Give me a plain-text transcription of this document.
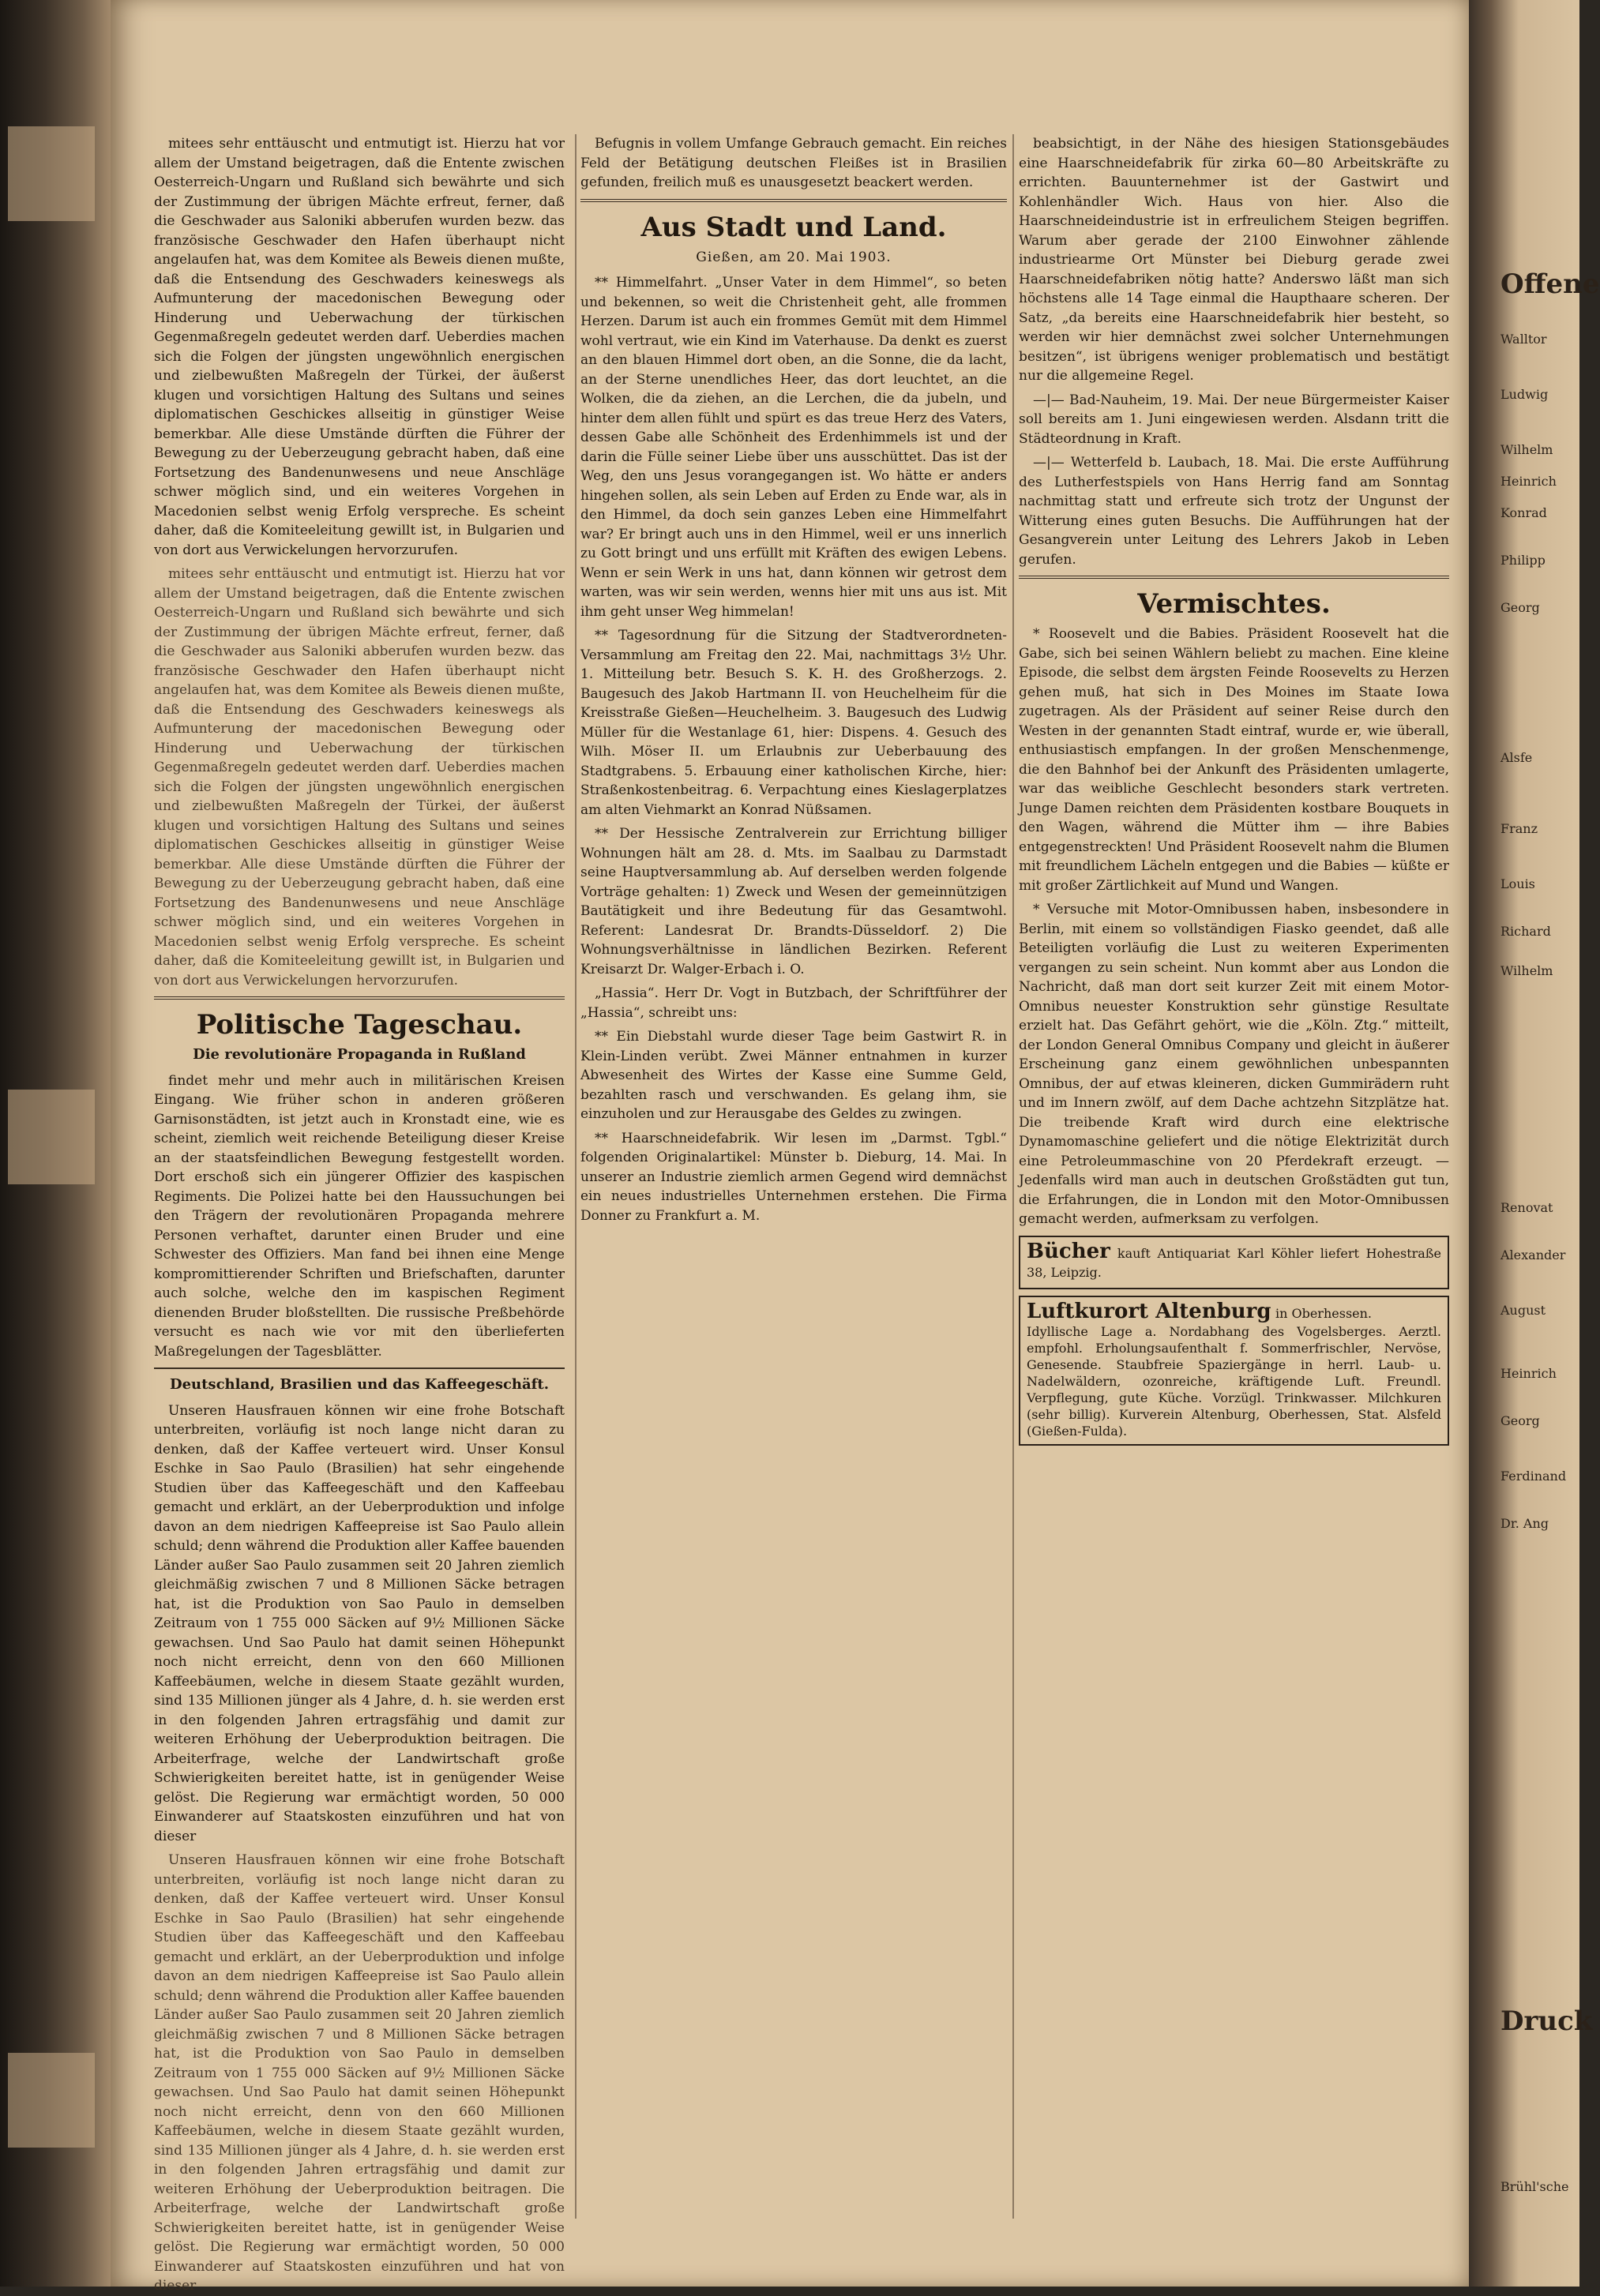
mitees sehr enttäuscht und entmutigt ist. Hierzu hat vor allem der Umstand beigetragen, daß die Entente zwischen Oesterreich-Ungarn und Rußland sich bewährte und sich der Zustimmung der übrigen Mächte erfreut, ferner, daß die Geschwader aus Saloniki abberufen wurden bezw. das französische Geschwader den Hafen überhaupt nicht angelaufen hat, was dem Komitee als Beweis dienen mußte, daß die Entsendung des Geschwaders keineswegs als Aufmunterung der macedonischen Bewegung oder Hinderung und Ueberwachung der türkischen Gegenmaßregeln gedeutet werden darf. Ueberdies machen sich die Folgen der jüngsten ungewöhnlich energischen und zielbewußten Maßregeln der Türkei, der äußerst klugen und vorsichtigen Haltung des Sultans und seines diplomatischen Geschickes allseitig in günstiger Weise bemerkbar. Alle diese Umstände dürften die Führer der Bewegung zu der Ueberzeugung gebracht haben, daß eine Fortsetzung des Bandenunwesens und neue Anschläge schwer möglich sind, und ein weiteres Vorgehen in Macedonien selbst wenig Erfolg verspreche. Es scheint daher, daß die Komiteeleitung gewillt ist, in Bulgarien und von dort aus Verwickelungen hervorzurufen.

mitees sehr enttäuscht und entmutigt ist. Hierzu hat vor allem der Umstand beigetragen, daß die Entente zwischen Oesterreich-Ungarn und Rußland sich bewährte und sich der Zustimmung der übrigen Mächte erfreut, ferner, daß die Geschwader aus Saloniki abberufen wurden bezw. das französische Geschwader den Hafen überhaupt nicht angelaufen hat, was dem Komitee als Beweis dienen mußte, daß die Entsendung des Geschwaders keineswegs als Aufmunterung der macedonischen Bewegung oder Hinderung und Ueberwachung der türkischen Gegenmaßregeln gedeutet werden darf. Ueberdies machen sich die Folgen der jüngsten ungewöhnlich energischen und zielbewußten Maßregeln der Türkei, der äußerst klugen und vorsichtigen Haltung des Sultans und seines diplomatischen Geschickes allseitig in günstiger Weise bemerkbar. Alle diese Umstände dürften die Führer der Bewegung zu der Ueberzeugung gebracht haben, daß eine Fortsetzung des Bandenunwesens und neue Anschläge schwer möglich sind, und ein weiteres Vorgehen in Macedonien selbst wenig Erfolg verspreche. Es scheint daher, daß die Komiteeleitung gewillt ist, in Bulgarien und von dort aus Verwickelungen hervorzurufen.

Politische Tageschau.
Die revolutionäre Propaganda in Rußland

findet mehr und mehr auch in militärischen Kreisen Eingang. Wie früher schon in anderen größeren Garnisonstädten, ist jetzt auch in Kronstadt eine, wie es scheint, ziemlich weit reichende Beteiligung dieser Kreise an der staatsfeindlichen Bewegung festgestellt worden. Dort erschoß sich ein jüngerer Offizier des kaspischen Regiments. Die Polizei hatte bei den Haussuchungen bei den Trägern der revolutionären Propaganda mehrere Personen verhaftet, darunter einen Bruder und eine Schwester des Offiziers. Man fand bei ihnen eine Menge kompromittierender Schriften und Briefschaften, darunter auch solche, welche den im kaspischen Regiment dienenden Bruder bloßstellten. Die russische Preßbehörde versucht es nach wie vor mit den überlieferten Maßregelungen der Tagesblätter.

Deutschland, Brasilien und das Kaffeegeschäft.

Unseren Hausfrauen können wir eine frohe Botschaft unterbreiten, vorläufig ist noch lange nicht daran zu denken, daß der Kaffee verteuert wird. Unser Konsul Eschke in Sao Paulo (Brasilien) hat sehr eingehende Studien über das Kaffeegeschäft und den Kaffeebau gemacht und erklärt, an der Ueberproduktion und infolge davon an dem niedrigen Kaffeepreise ist Sao Paulo allein schuld; denn während die Produktion aller Kaffee bauenden Länder außer Sao Paulo zusammen seit 20 Jahren ziemlich gleichmäßig zwischen 7 und 8 Millionen Säcke betragen hat, ist die Produktion von Sao Paulo in demselben Zeitraum von 1 755 000 Säcken auf 9½ Millionen Säcke gewachsen. Und Sao Paulo hat damit seinen Höhepunkt noch nicht erreicht, denn von den 660 Millionen Kaffeebäumen, welche in diesem Staate gezählt wurden, sind 135 Millionen jünger als 4 Jahre, d. h. sie werden erst in den folgenden Jahren ertragsfähig und damit zur weiteren Erhöhung der Ueberproduktion beitragen. Die Arbeiterfrage, welche der Landwirtschaft große Schwierigkeiten bereitet hatte, ist in genügender Weise gelöst. Die Regierung war ermächtigt worden, 50 000 Einwanderer auf Staatskosten einzuführen und hat von dieser

Unseren Hausfrauen können wir eine frohe Botschaft unterbreiten, vorläufig ist noch lange nicht daran zu denken, daß der Kaffee verteuert wird. Unser Konsul Eschke in Sao Paulo (Brasilien) hat sehr eingehende Studien über das Kaffeegeschäft und den Kaffeebau gemacht und erklärt, an der Ueberproduktion und infolge davon an dem niedrigen Kaffeepreise ist Sao Paulo allein schuld; denn während die Produktion aller Kaffee bauenden Länder außer Sao Paulo zusammen seit 20 Jahren ziemlich gleichmäßig zwischen 7 und 8 Millionen Säcke betragen hat, ist die Produktion von Sao Paulo in demselben Zeitraum von 1 755 000 Säcken auf 9½ Millionen Säcke gewachsen. Und Sao Paulo hat damit seinen Höhepunkt noch nicht erreicht, denn von den 660 Millionen Kaffeebäumen, welche in diesem Staate gezählt wurden, sind 135 Millionen jünger als 4 Jahre, d. h. sie werden erst in den folgenden Jahren ertragsfähig und damit zur weiteren Erhöhung der Ueberproduktion beitragen. Die Arbeiterfrage, welche der Landwirtschaft große Schwierigkeiten bereitet hatte, ist in genügender Weise gelöst. Die Regierung war ermächtigt worden, 50 000 Einwanderer auf Staatskosten einzuführen und hat von dieser

Befugnis in vollem Umfange Gebrauch gemacht. Ein reiches Feld der Betätigung deutschen Fleißes ist in Brasilien gefunden, freilich muß es unausgesetzt beackert werden.

Aus Stadt und Land.
Gießen, am 20. Mai 1903.

** Himmelfahrt. „Unser Vater in dem Himmel“, so beten und bekennen, so weit die Christenheit geht, alle frommen Herzen. Darum ist auch ein frommes Gemüt mit dem Himmel wohl vertraut, wie ein Kind im Vaterhause. Da denkt es zuerst an den blauen Himmel dort oben, an die Sonne, die da lacht, an der Sterne unendliches Heer, das dort leuchtet, an die Wolken, die da ziehen, an die Lerchen, die da jubeln, und hinter dem allen fühlt und spürt es das treue Herz des Vaters, dessen Gabe alle Schönheit des Erdenhimmels ist und der darin die Fülle seiner Liebe über uns ausschüttet. Das ist der Weg, den uns Jesus vorangegangen ist. Wo hätte er anders hingehen sollen, als sein Leben auf Erden zu Ende war, als in den Himmel, da doch sein ganzes Leben eine Himmelfahrt war? Er bringt auch uns in den Himmel, weil er uns innerlich zu Gott bringt und uns erfüllt mit Kräften des ewigen Lebens. Wenn er sein Werk in uns hat, dann können wir getrost dem warten, was wir sein werden, wenns hier mit uns aus ist. Mit ihm geht unser Weg himmelan!

** Tagesordnung für die Sitzung der Stadtverordneten-Versammlung am Freitag den 22. Mai, nachmittags 3½ Uhr. 1. Mitteilung betr. Besuch S. K. H. des Großherzogs. 2. Baugesuch des Jakob Hartmann II. von Heuchelheim für die Kreisstraße Gießen—Heuchelheim. 3. Baugesuch des Ludwig Müller für die Westanlage 61, hier: Dispens. 4. Gesuch des Wilh. Möser II. um Erlaubnis zur Ueberbauung des Stadtgrabens. 5. Erbauung einer katholischen Kirche, hier: Straßenkostenbeitrag. 6. Verpachtung eines Kieslagerplatzes am alten Viehmarkt an Konrad Nüßsamen.

** Der Hessische Zentralverein zur Errichtung billiger Wohnungen hält am 28. d. Mts. im Saalbau zu Darmstadt seine Hauptversammlung ab. Auf derselben werden folgende Vorträge gehalten: 1) Zweck und Wesen der gemeinnützigen Bautätigkeit und ihre Bedeutung für das Gesamtwohl. Referent: Landesrat Dr. Brandts-Düsseldorf. 2) Die Wohnungsverhältnisse in ländlichen Bezirken. Referent Kreisarzt Dr. Walger-Erbach i. O.

„Hassia“. Herr Dr. Vogt in Butzbach, der Schriftführer der „Hassia“, schreibt uns:

** Ein Diebstahl wurde dieser Tage beim Gastwirt R. in Klein-Linden verübt. Zwei Männer entnahmen in kurzer Abwesenheit des Wirtes der Kasse eine Summe Geld, bezahlten rasch und verschwanden. Es gelang ihm, sie einzuholen und zur Herausgabe des Geldes zu zwingen.

** Haarschneidefabrik. Wir lesen im „Darmst. Tgbl.“ folgenden Originalartikel: Münster b. Dieburg, 14. Mai. In unserer an Industrie ziemlich armen Gegend wird demnächst ein neues industrielles Unternehmen erstehen. Die Firma Donner zu Frankfurt a. M.

beabsichtigt, in der Nähe des hiesigen Stationsgebäudes eine Haarschneidefabrik für zirka 60—80 Arbeitskräfte zu errichten. Bauunternehmer ist der Gastwirt und Kohlenhändler Wich. Haus von hier. Also die Haarschneideindustrie ist in erfreulichem Steigen begriffen. Warum aber gerade der 2100 Einwohner zählende industriearme Ort Münster bei Dieburg gerade zwei Haarschneidefabriken nötig hatte? Anderswo läßt man sich höchstens alle 14 Tage einmal die Haupthaare scheren. Der Satz, „da bereits eine Haarschneidefabrik hier besteht, so werden wir hier demnächst zwei solcher Unternehmungen besitzen“, ist übrigens weniger problematisch und bestätigt nur die allgemeine Regel.

—|— Bad-Nauheim, 19. Mai. Der neue Bürgermeister Kaiser soll bereits am 1. Juni eingewiesen werden. Alsdann tritt die Städteordnung in Kraft.

—|— Wetterfeld b. Laubach, 18. Mai. Die erste Aufführung des Lutherfestspiels von Hans Herrig fand am Sonntag nachmittag statt und erfreute sich trotz der Ungunst der Witterung eines guten Besuchs. Die Aufführungen hat der Gesangverein unter Leitung des Lehrers Jakob in Leben gerufen.

Vermischtes.

* Roosevelt und die Babies. Präsident Roosevelt hat die Gabe, sich bei seinen Wählern beliebt zu machen. Eine kleine Episode, die selbst dem ärgsten Feinde Roosevelts zu Herzen gehen muß, hat sich in Des Moines im Staate Iowa zugetragen. Als der Präsident auf seiner Reise durch den Westen in der genannten Stadt eintraf, wurde er, wie überall, enthusiastisch empfangen. In der großen Menschenmenge, die den Bahnhof bei der Ankunft des Präsidenten umlagerte, war das weibliche Geschlecht besonders stark vertreten. Junge Damen reichten dem Präsidenten kostbare Bouquets in den Wagen, während die Mütter ihm — ihre Babies entgegenstreckten! Und Präsident Roosevelt nahm die Blumen mit freundlichem Lächeln entgegen und die Babies — küßte er mit großer Zärtlichkeit auf Mund und Wangen.

* Versuche mit Motor-Omnibussen haben, insbesondere in Berlin, mit einem so vollständigen Fiasko geendet, daß alle Beteiligten vorläufig die Lust zu weiteren Experimenten vergangen zu sein scheint. Nun kommt aber aus London die Nachricht, daß man dort seit kurzer Zeit mit einem Motor-Omnibus neuester Konstruktion sehr günstige Resultate erzielt hat. Das Gefährt gehört, wie die „Köln. Ztg.“ mitteilt, der London General Omnibus Company und gleicht in äußerer Erscheinung ganz einem gewöhnlichen unbespannten Omnibus, der auf etwas kleineren, dicken Gummirädern ruht und im Innern zwölf, auf dem Dache achtzehn Sitzplätze hat. Die treibende Kraft wird durch eine elektrische Dynamomaschine geliefert und die nötige Elektrizität durch eine Petroleummaschine von 20 Pferdekraft erzeugt. — Jedenfalls wird man auch in deutschen Großstädten gut tun, die Erfahrungen, die in London mit den Motor-Omnibussen gemacht werden, aufmerksam zu verfolgen.

Bücher kauft Antiquariat Karl Köhler liefert Hohestraße 38, Leipzig.
Luftkurort Altenburg in Oberhessen.
Idyllische Lage a. Nordabhang des Vogelsberges. Aerztl. empfohl. Erholungsaufenthalt f. Sommerfrischler, Nervöse, Genesende. Staubfreie Spaziergänge in herrl. Laub- u. Nadelwäldern, ozonreiche, kräftigende Luft. Freundl. Verpflegung, gute Küche. Vorzügl. Trinkwasser. Milchkuren (sehr billig). Kurverein Altenburg, Oberhessen, Stat. Alsfeld (Gießen-Fulda).
Offene
Walltor
Ludwig
Wilhelm
Heinrich
Konrad
Philipp
Georg
Alsfe
Franz
Louis
Richard
Wilhelm
Renovat
Alexander
August
Heinrich
Georg
Ferdinand
Dr. Ang
Druck
Brühl'sche
